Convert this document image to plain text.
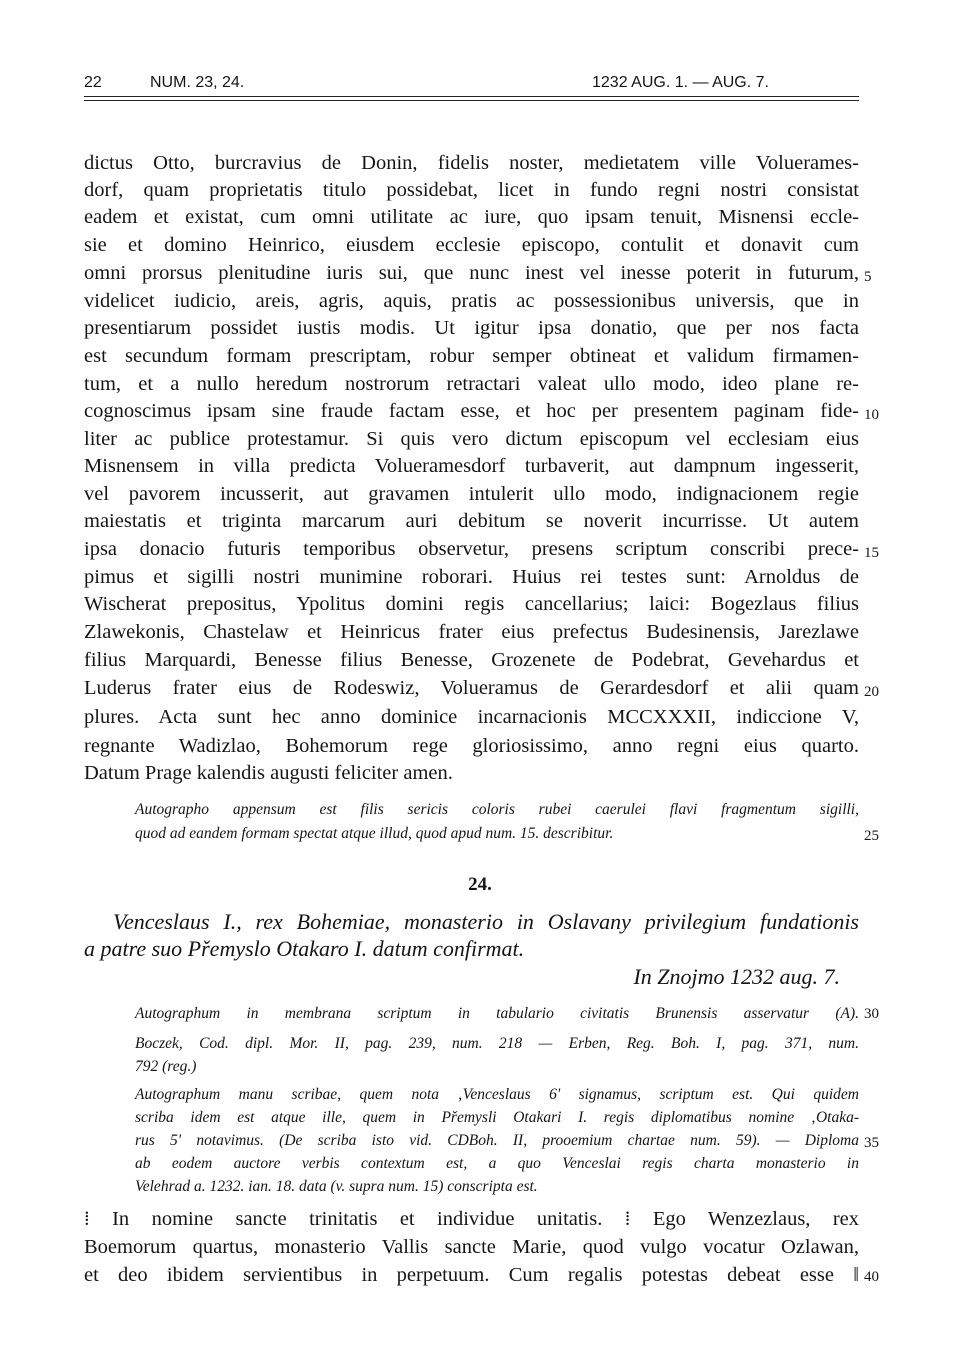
22	NUM. 23, 24.	1232 AUG. 1. — AUG. 7.
dictus Otto, burcravius de Donin, fidelis noster, medietatem ville Voluerames-
dorf, quam proprietatis titulo possidebat, licet in fundo regni nostri consistat
eadem et existat, cum omni utilitate ac iure, quo ipsam tenuit, Misnensi eccle-
sie et domino Heinrico, eiusdem ecclesie episcopo, contulit et donavit cum
omni prorsus plenitudine iuris sui, que nunc inest vel inesse poterit in futurum,
videlicet iudicio, areis, agris, aquis, pratis ac possessionibus universis, que in
presentiarum possidet iustis modis. Ut igitur ipsa donatio, que per nos facta
est secundum formam prescriptam, robur semper obtineat et validum firmamen-
tum, et a nullo heredum nostrorum retractari valeat ullo modo, ideo plane re-
cognoscimus ipsam sine fraude factam esse, et hoc per presentem paginam fide-
liter ac publice protestamur. Si quis vero dictum episcopum vel ecclesiam eius
Misnensem in villa predicta Volueramesdorf turbaverit, aut dampnum ingesserit,
vel pavorem incusserit, aut gravamen intulerit ullo modo, indignacionem regie
maiestatis et triginta marcarum auri debitum se noverit incurrisse. Ut autem
ipsa donacio futuris temporibus observetur, presens scriptum conscribi prece-
pimus et sigilli nostri munimine roborari. Huius rei testes sunt: Arnoldus de
Wischerat prepositus, Ypolitus domini regis cancellarius; laici: Bogezlaus filius
Zlawekonis, Chastelaw et Heinricus frater eius prefectus Budesinensis, Jarezlawe
filius Marquardi, Benesse filius Benesse, Grozenete de Podebrat, Gevehardus et
Luderus frater eius de Rodeswiz, Volueramus de Gerardesdorf et alii quam
plures. Acta sunt hec anno dominice incarnacionis MCCXXXII, indiccione V,
regnante Wadizlao, Bohemorum rege gloriosissimo, anno regni eius quarto.
Datum Prage kalendis augusti feliciter amen.
5
10
15
20
25
30
35
40
Autographo appensum est filis sericis coloris rubei caerulei flavi fragmentum sigilli,
quod ad eandem formam spectat atque illud, quod apud num. 15. describitur.
24.
Venceslaus I., rex Bohemiae, monasterio in Oslavany privilegium fundationis
a patre suo Přemyslo Otakaro I. datum confirmat.
In Znojmo 1232 aug. 7.
Autographum in membrana scriptum in tabulario civitatis Brunensis asservatur (A).
Boczek, Cod. dipl. Mor. II, pag. 239, num. 218 — Erben, Reg. Boh. I, pag. 371, num.
792 (reg.)
Autographum manu scribae, quem nota ‚Venceslaus 6' signamus, scriptum est. Qui quidem
scriba idem est atque ille, quem in Přemysli Otakari I. regis diplomatibus nomine ‚Otaka-
rus 5' notavimus. (De scriba isto vid. CDBoh. II, prooemium chartae num. 59). — Diploma
ab eodem auctore verbis contextum est, a quo Venceslai regis charta monasterio in
Velehrad a. 1232. ian. 18. data (v. supra num. 15) conscripta est.
⁞ In nomine sancte trinitatis et individue unitatis. ⁞ Ego Wenzezlaus, rex
Boemorum quartus, monasterio Vallis sancte Marie, quod vulgo vocatur Ozlawan,
et deo ibidem servientibus in perpetuum. Cum regalis potestas debeat esse ‖
